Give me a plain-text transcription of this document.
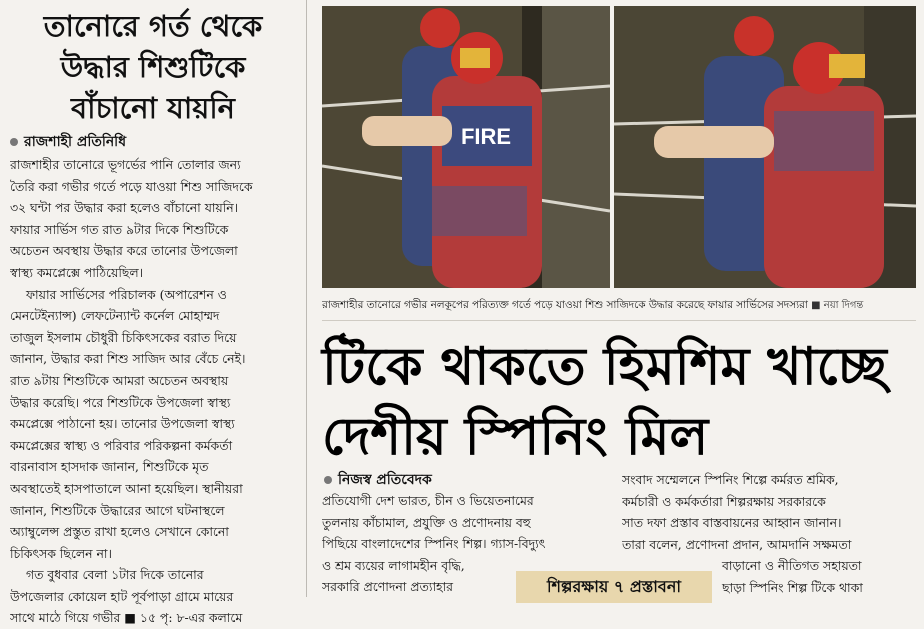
তানোরে গর্ত থেকে
উদ্ধার শিশুটিকে
বাঁচানো যায়নি
রাজশাহী প্রতিনিধি

রাজশাহীর তানোরে ভূগর্ভের পানি তোলার জন্য
তৈরি করা গভীর গর্তে পড়ে যাওয়া শিশু সাজিদকে
৩২ ঘন্টা পর উদ্ধার করা হলেও বাঁচানো যায়নি।
ফায়ার সার্ভিস গত রাত ৯টার দিকে শিশুটিকে
অচেতন অবস্থায় উদ্ধার করে তানোর উপজেলা
স্বাস্থ্য কমপ্লেক্সে পাঠিয়েছিল।

ফায়ার সার্ভিসের পরিচালক (অপারেশন ও
মেনটেইন্যান্স) লেফটেন্যান্ট কর্নেল মোহাম্মদ
তাজুল ইসলাম চৌধুরী চিকিৎসকের বরাত দিয়ে
জানান, উদ্ধার করা শিশু সাজিদ আর বেঁচে নেই।
রাত ৯টায় শিশুটিকে আমরা অচেতন অবস্থায়
উদ্ধার করেছি। পরে শিশুটিকে উপজেলা স্বাস্থ্য
কমপ্লেক্সে পাঠানো হয়। তানোর উপজেলা স্বাস্থ্য
কমপ্লেক্সের স্বাস্থ্য ও পরিবার পরিকল্পনা কর্মকর্তা
বারনাবাস হাসদাক জানান, শিশুটিকে মৃত
অবস্থাতেই হাসপাতালে আনা হয়েছিল। স্থানীয়রা
জানান, শিশুটিকে উদ্ধারের আগে ঘটনাস্থলে
অ্যাম্বুলেন্স প্রস্তুত রাখা হলেও সেখানে কোনো
চিকিৎসক ছিলেন না।

গত বুধবার বেলা ১টার দিকে তানোর
উপজেলার কোয়েল হাট পূর্বপাড়া গ্রামে মায়ের
সাথে মাঠে গিয়ে গভীর ■ ১৫ পৃ: ৮-এর কলামে

FIRE
রাজশাহীর তানোরে গভীর নলকূপের পরিত্যক্ত গর্তে পড়ে যাওয়া শিশু সাজিদকে উদ্ধার করেছে ফায়ার সার্ভিসের সদস্যরা ■ নয়া দিগন্ত
টিকে থাকতে হিমশিম খাচ্ছে
দেশীয় স্পিনিং মিল
নিজস্ব প্রতিবেদক
প্রতিযোগী দেশ ভারত, চীন ও ভিয়েতনামের
তুলনায় কাঁচামাল, প্রযুক্তি ও প্রণোদনায় বহু
পিছিয়ে বাংলাদেশের স্পিনিং শিল্প। গ্যাস-বিদ্যুৎ
ও শ্রম ব্যয়ের লাগামহীন বৃদ্ধি,
সরকারি প্রণোদনা প্রত্যাহার
সংবাদ সম্মেলনে স্পিনিং শিল্পে কর্মরত শ্রমিক,
কর্মচারী ও কর্মকর্তারা শিল্পরক্ষায় সরকারকে
সাত দফা প্রস্তাব বাস্তবায়নের আহ্বান জানান।
তারা বলেন, প্রণোদনা প্রদান, আমদানি সক্ষমতা
বাড়ানো ও নীতিগত সহায়তা
ছাড়া স্পিনিং শিল্প টিকে থাকা
শিল্পরক্ষায় ৭ প্রস্তাবনা
